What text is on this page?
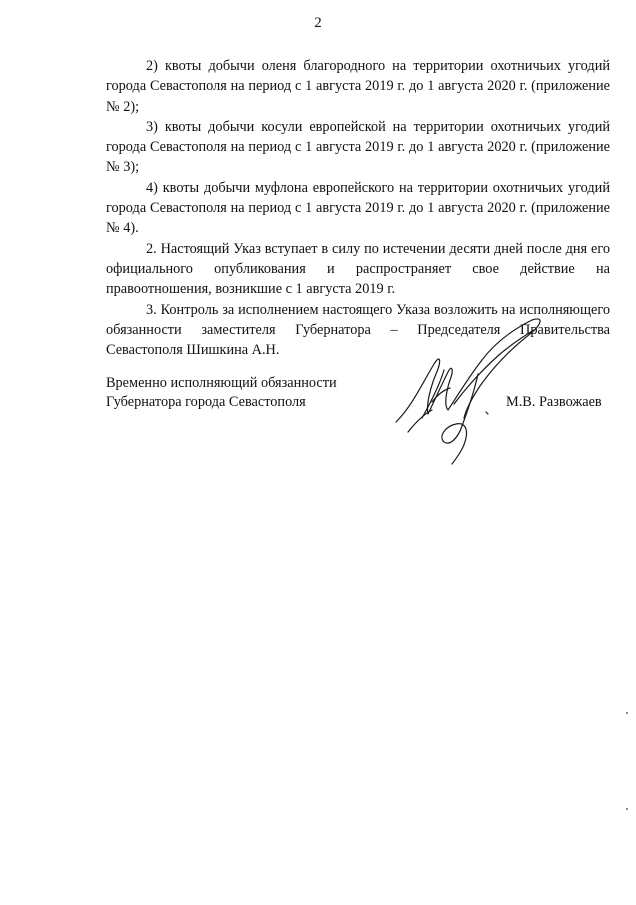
2

2) квоты добычи оленя благородного на территории охотничьих угодий города Севастополя на период с 1 августа 2019 г. до 1 августа 2020 г. (приложение № 2);

3) квоты добычи косули европейской на территории охотничьих угодий города Севастополя на период с 1 августа 2019 г. до 1 августа 2020 г. (приложение № 3);

4) квоты добычи муфлона европейского на территории охотничьих угодий города Севастополя на период с 1 августа 2019 г. до 1 августа 2020 г. (приложение № 4).

2. Настоящий Указ вступает в силу по истечении десяти дней после дня его официального опубликования и распространяет свое действие на правоотношения, возникшие с 1 августа 2019 г.

3. Контроль за исполнением настоящего Указа возложить на исполняющего обязанности заместителя Губернатора – Председателя Правительства Севастополя Шишкина А.Н.

Временно исполняющий обязанности
Губернатора города Севастополя	М.В. Развожаев
